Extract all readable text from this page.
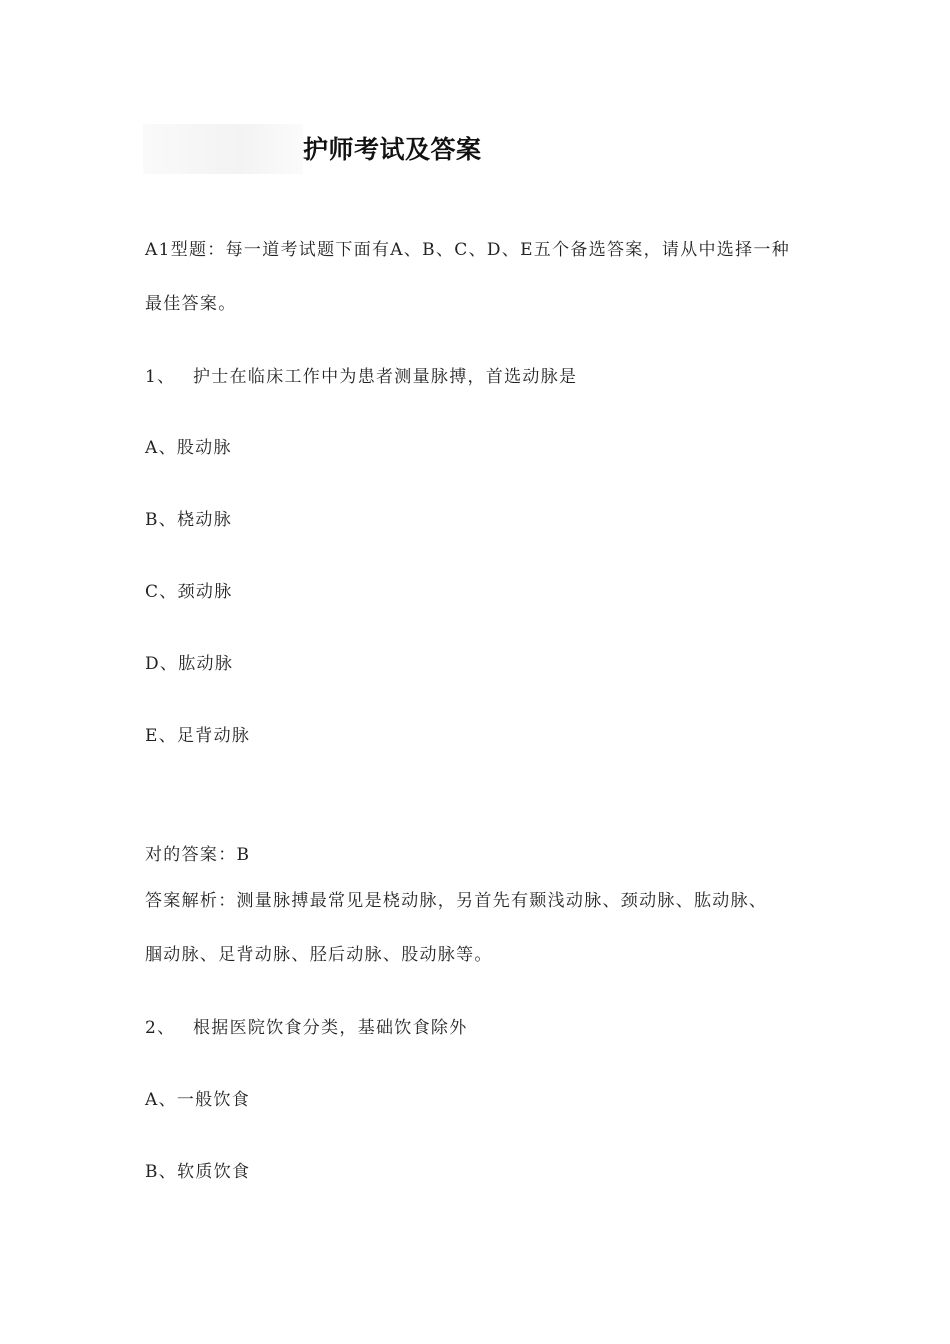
护师考试及答案
A1型题：每一道考试题下面有A、B、C、D、E五个备选答案，请从中选择一种
最佳答案。
1、 护士在临床工作中为患者测量脉搏，首选动脉是
A、股动脉
B、桡动脉
C、颈动脉
D、肱动脉
E、足背动脉
对的答案：B
答案解析：测量脉搏最常见是桡动脉，另首先有颞浅动脉、颈动脉、肱动脉、
腘动脉、足背动脉、胫后动脉、股动脉等。
2、 根据医院饮食分类，基础饮食除外
A、一般饮食
B、软质饮食
